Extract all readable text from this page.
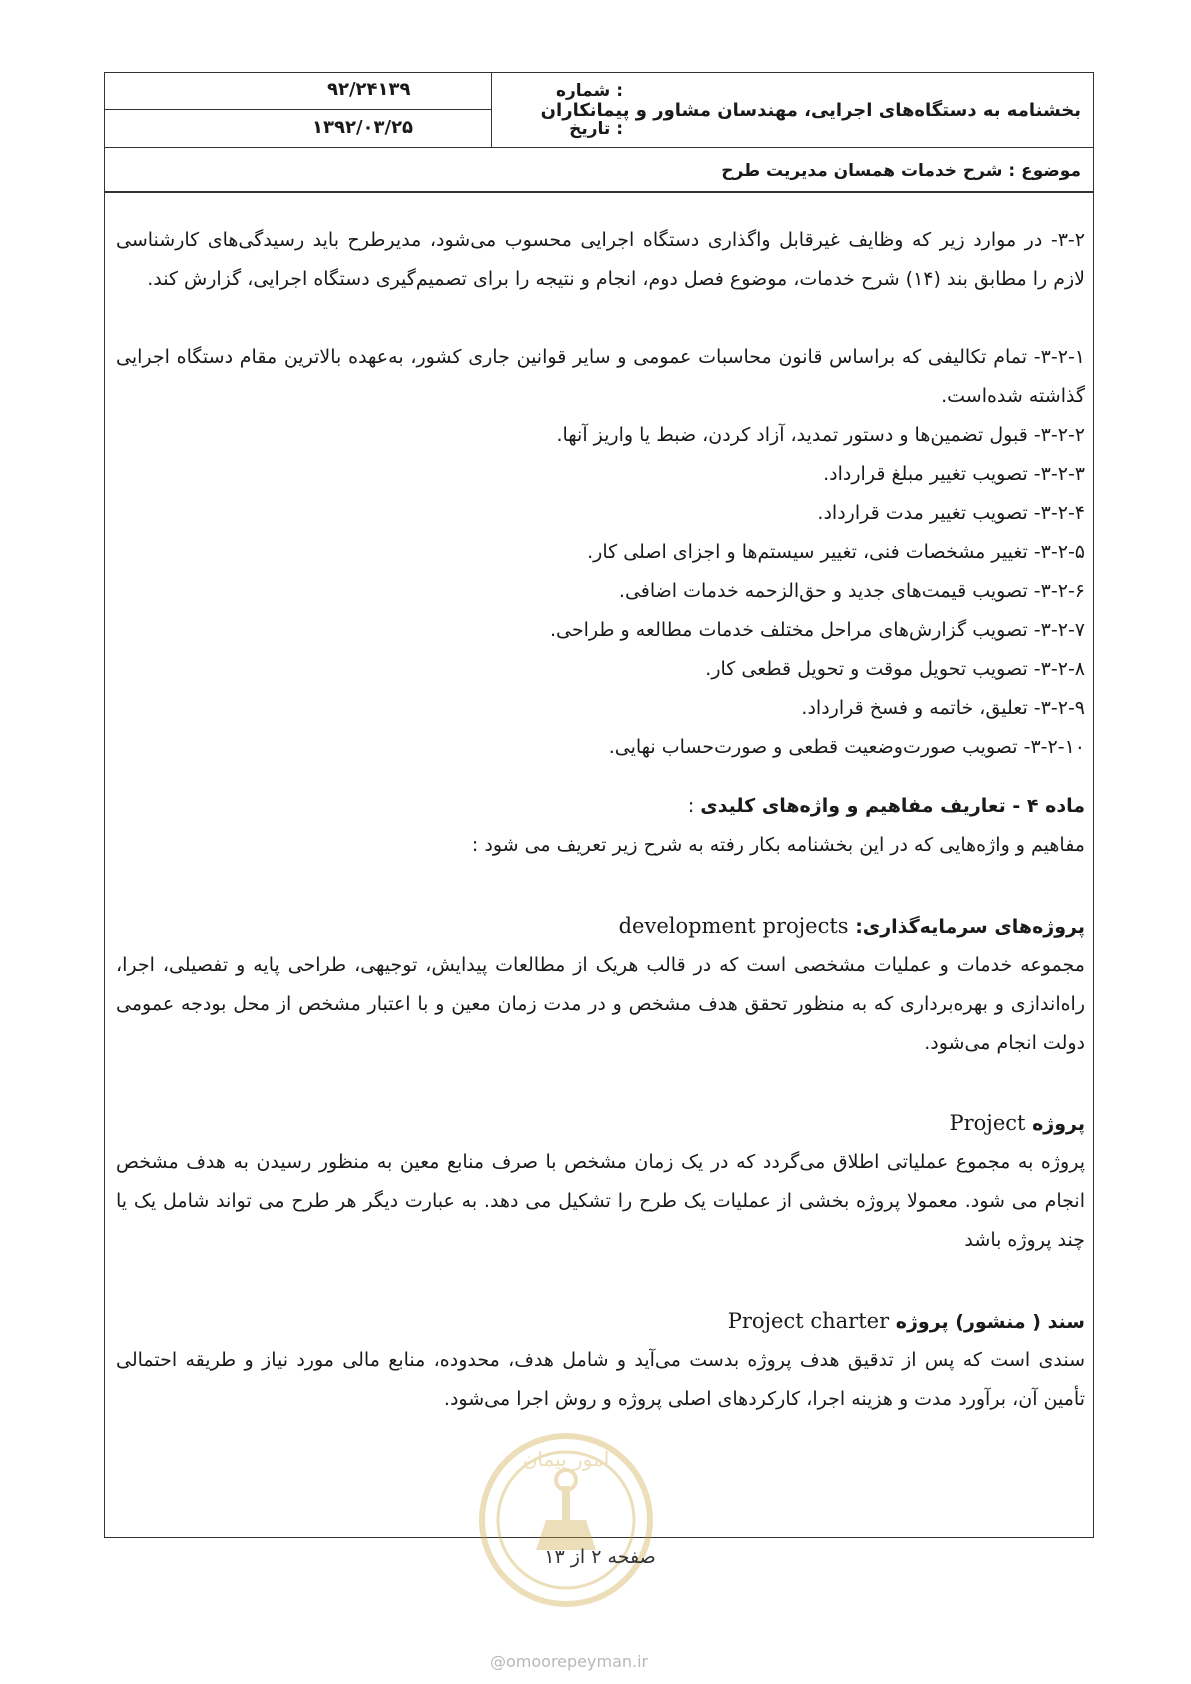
شماره :
۹۲/۲۴۱۳۹
تاریخ :
۱۳۹۲/۰۳/۲۵
بخشنامه به دستگاه‌های اجرایی، مهندسان مشاور و پیمانکاران
موضوع : شرح خدمات همسان مدیریت طرح

۳-۲- در موارد زیر که وظایف غیرقابل واگذاری دستگاه اجرایی محسوب می‌شود، مدیرطرح باید رسیدگی‌های کارشناسی لازم را مطابق بند (۱۴) شرح خدمات، موضوع فصل دوم، انجام و نتیجه را برای تصمیم‌گیری دستگاه اجرایی، گزارش کند.

۳-۲-۱- تمام تکالیفی که براساس قانون محاسبات عمومی و سایر قوانین جاری کشور، به‌عهده بالاترین مقام دستگاه اجرایی گذاشته شده‌است.

۳-۲-۲- قبول تضمین‌ها و دستور تمدید، آزاد کردن، ضبط یا واریز آنها.

۳-۲-۳- تصویب تغییر مبلغ قرارداد.

۳-۲-۴- تصویب تغییر مدت قرارداد.

۳-۲-۵- تغییر مشخصات فنی، تغییر سیستم‌ها و اجزای اصلی کار.

۳-۲-۶- تصویب قیمت‌های جدید و حق‌الزحمه خدمات اضافی.

۳-۲-۷- تصویب گزارش‌های مراحل مختلف خدمات مطالعه و طراحی.

۳-۲-۸- تصویب تحویل موقت و تحویل قطعی کار.

۳-۲-۹- تعلیق، خاتمه و فسخ قرارداد.

۳-۲-۱۰- تصویب صورت‌وضعیت قطعی و صورت‌حساب نهایی.

ماده ۴ - تعاریف مفاهیم و واژه‌های کلیدی :

مفاهیم و واژه‌هایی که در این بخشنامه بکار رفته به شرح زیر تعریف می شود :

پروژه‌های سرمایه‌گذاری: development projects

مجموعه خدمات و عملیات مشخصی است که در قالب هریک از مطالعات پیدایش، توجیهی، طراحی پایه و تفصیلی، اجرا، راه‌اندازی و بهره‌برداری که به منظور تحقق هدف مشخص و در مدت زمان معین و با اعتبار مشخص از محل بودجه عمومی دولت انجام می‌شود.

پروژه Project

پروژه به مجموع عملیاتی اطلاق می‌گردد که در یک زمان مشخص با صرف منابع معین به منظور رسیدن به هدف مشخص انجام می شود. معمولا پروژه بخشی از عملیات یک طرح را تشکیل می دهد. به عبارت دیگر هر طرح می تواند شامل یک یا چند پروژه باشد

سند ( منشور) پروژه Project charter

سندی است که پس از تدقیق هدف پروژه بدست می‌آید و شامل هدف، محدوده، منابع مالی مورد نیاز و طریقه احتمالی تأمین آن، برآورد مدت و هزینه اجرا، کارکردهای اصلی پروژه و روش اجرا می‌شود.

امور پیمان
صفحه ۲ از ۱۳
@omoorepeyman.ir
